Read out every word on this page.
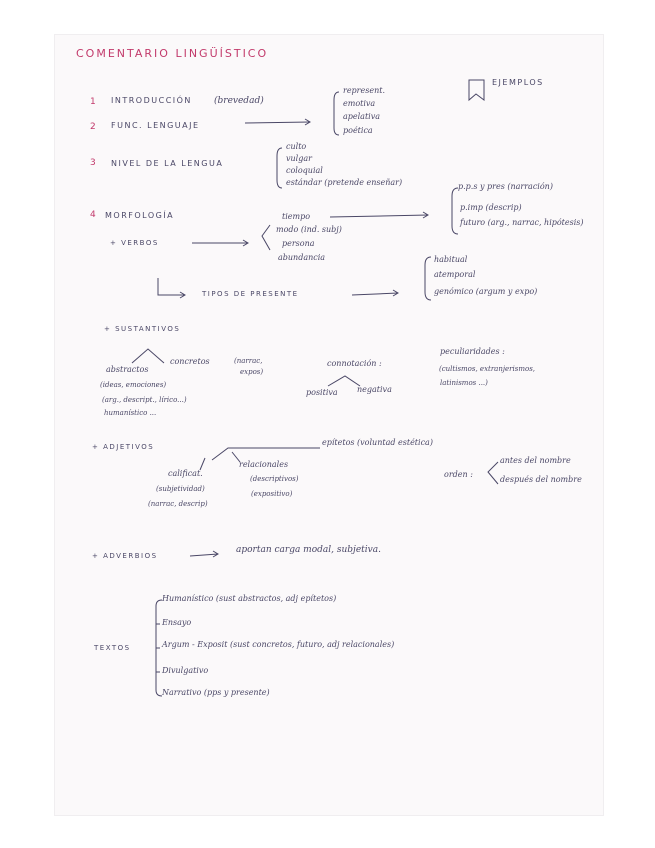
COMENTARIO LINGÜÍSTICO
EJEMPLOS
1 INTRODUCCIÓN (brevedad)
2 FUNC. LENGUAJE
represent.
emotiva
apelativa
poética
3 NIVEL DE LA LENGUA
culto
vulgar
coloquial
estándar (pretende enseñar)
4 MORFOLOGÍA
+ VERBOS
tiempo
modo (ind. subj)
persona
abundancia
p.p.s y pres (narración)
p.imp (descrip)
futuro (arg., narrac, hipótesis)
TIPOS DE PRESENTE
habitual
atemporal
genómico (argum y expo)
+ SUSTANTIVOS
abstractos
(ideas, emociones)
(arg., descript., lírico...)
humanístico ...
concretos	(narrac,
expos)
connotación :
positiva negativa
peculiaridades :
(cultismos, extranjerismos,
latinismos ...)
+ ADJETIVOS	epítetos (voluntad estética)
calificat.
(subjetividad)
(narrac, descrip)
relacionales
(descriptivos)
(expositivo)
orden :
antes del nombre
después del nombre
+ ADVERBIOS
aportan carga modal, subjetiva.
TEXTOS
Humanístico (sust abstractos, adj epítetos)
Ensayo
Argum - Exposit (sust concretos, futuro, adj relacionales)
Divulgativo
Narrativo (pps y presente)
